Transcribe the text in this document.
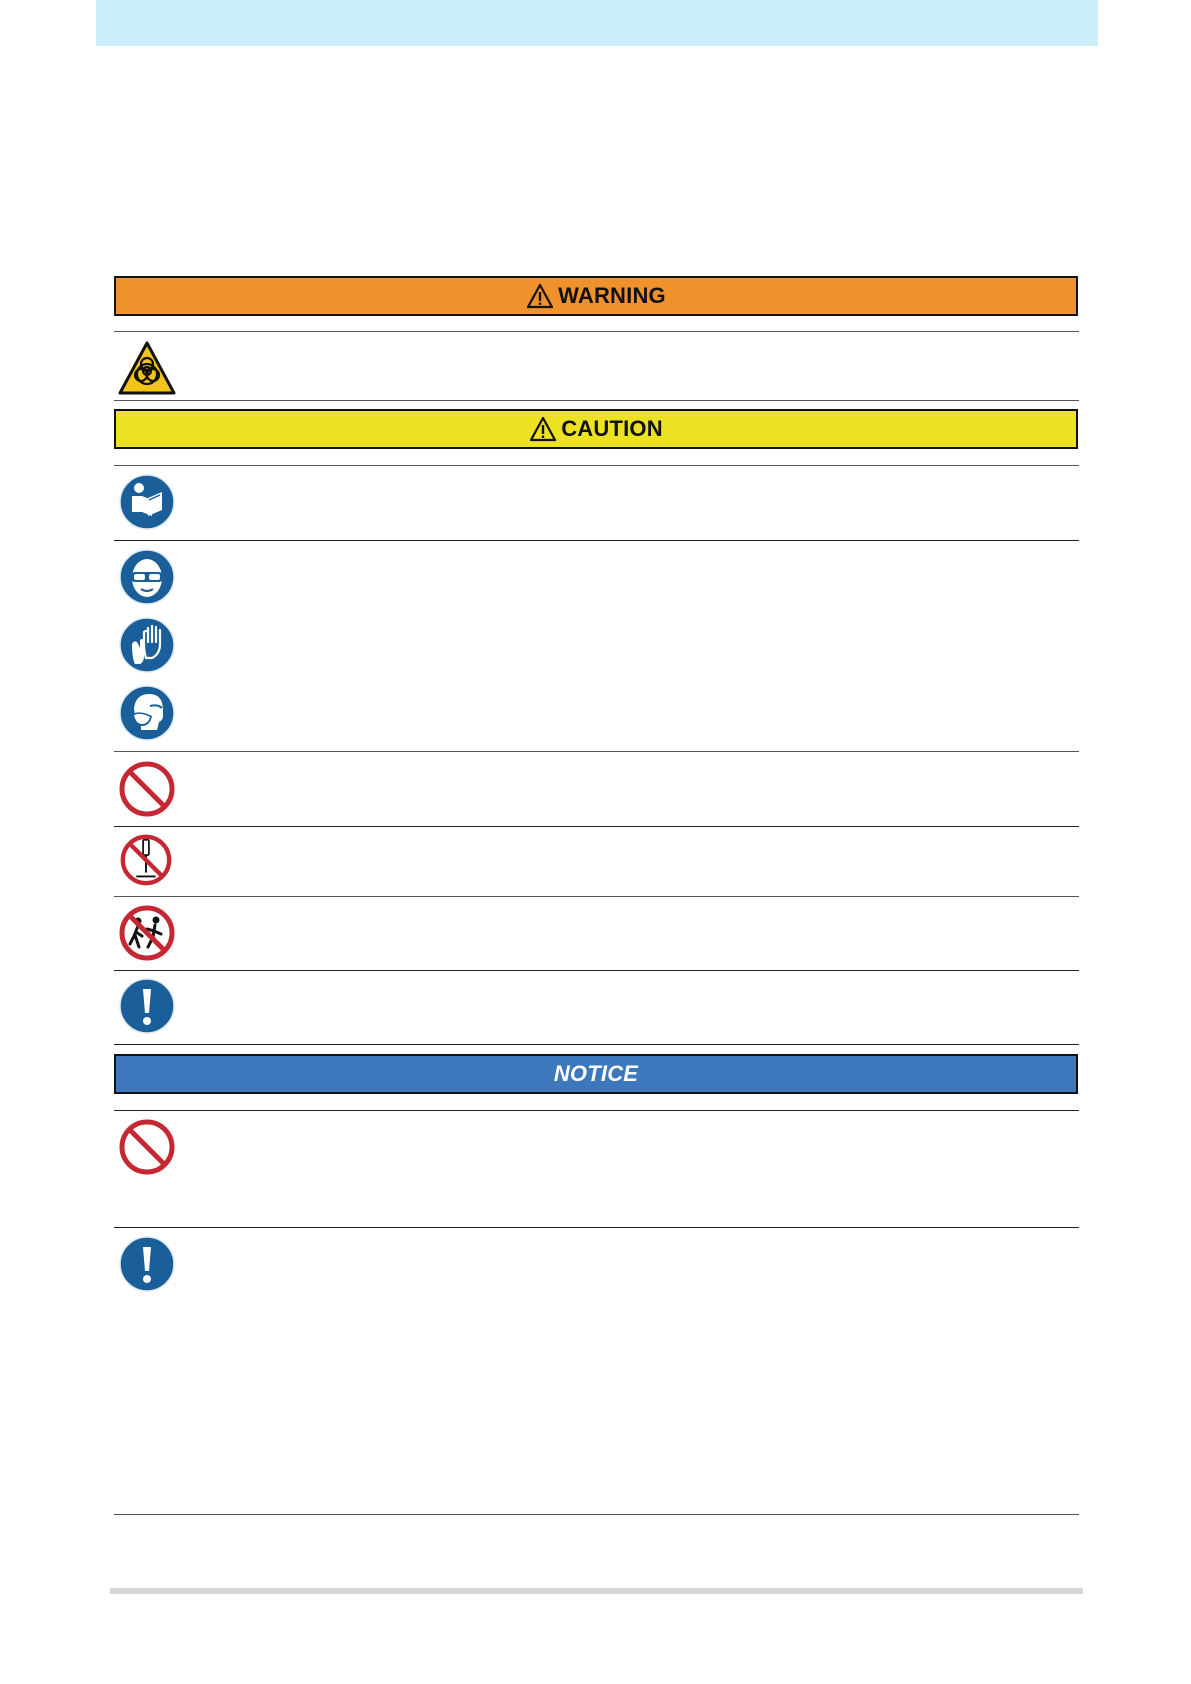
WARNING
CAUTION
NOTICE
